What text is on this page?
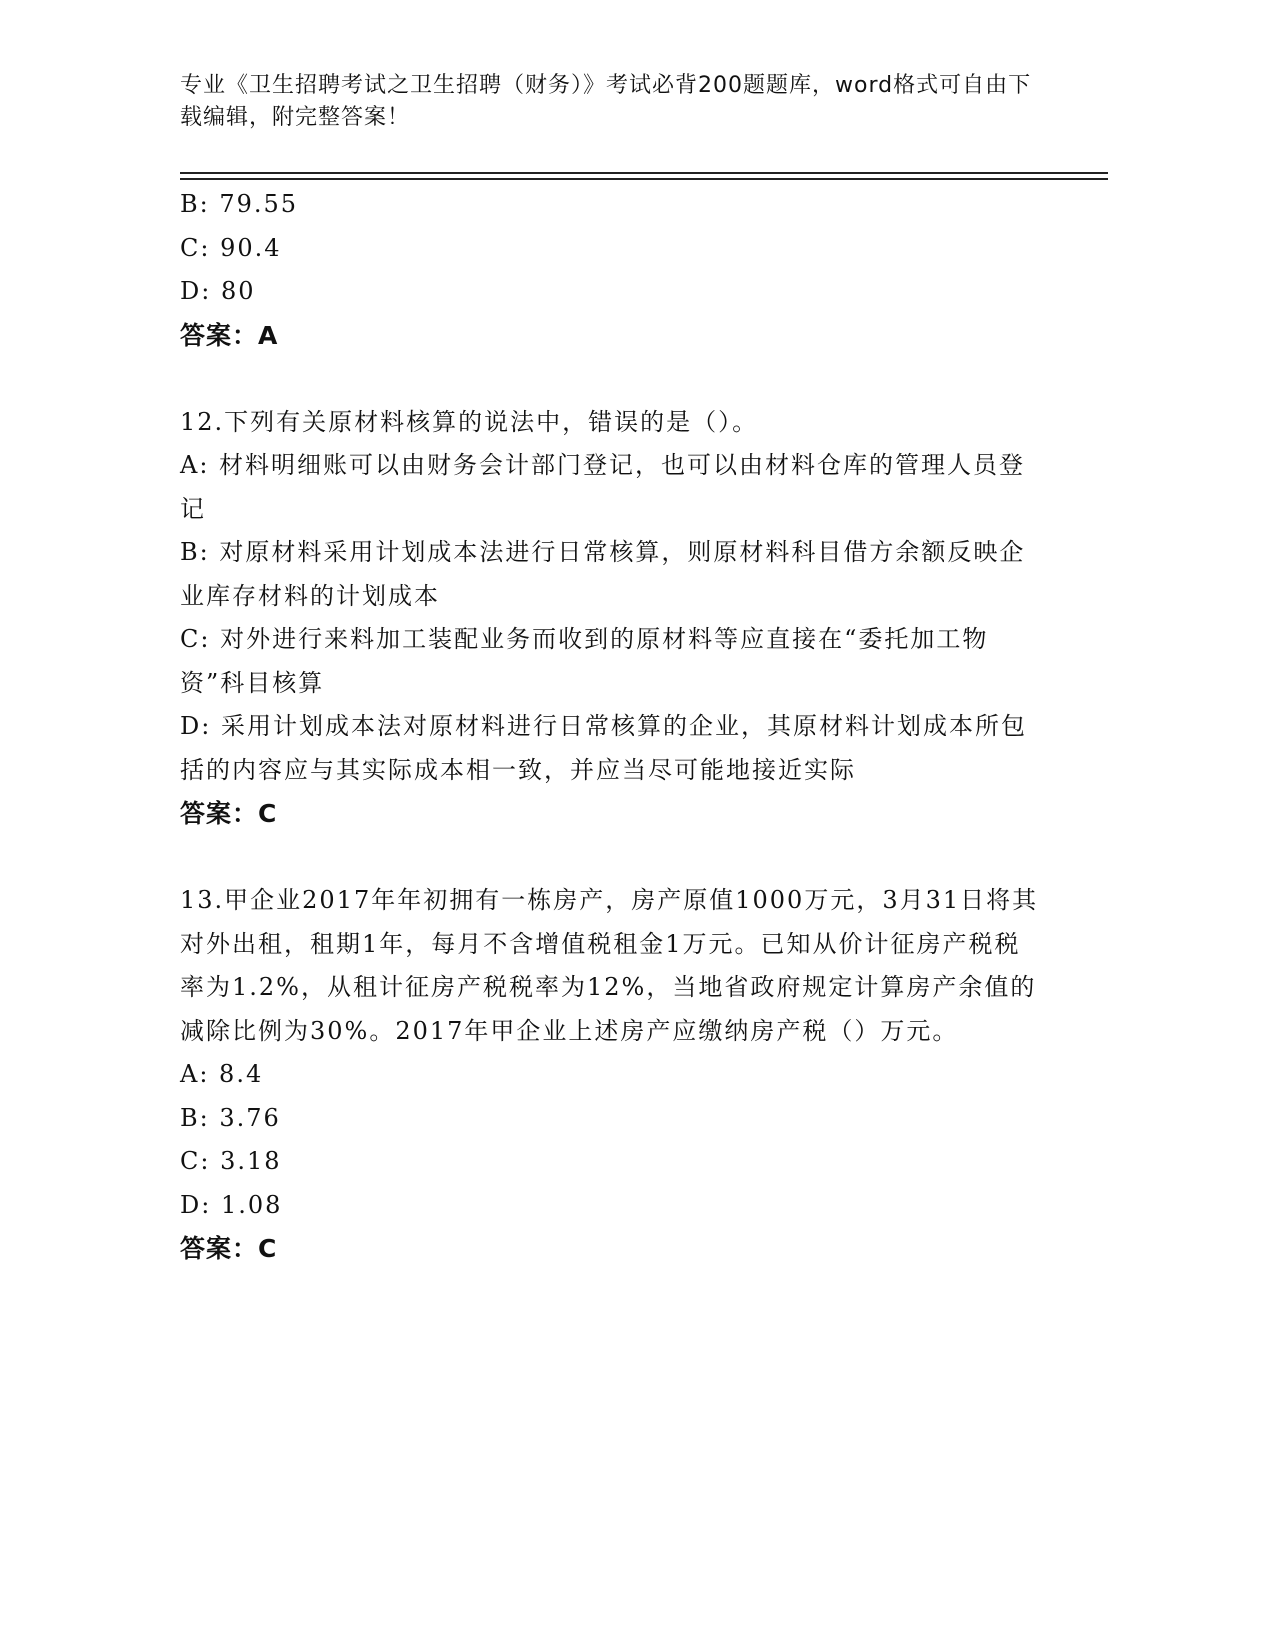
专业《卫生招聘考试之卫生招聘（财务）》考试必背200题题库，word格式可自由下载编辑，附完整答案！
B: 79.55
C: 90.4
D: 80
答案：A
12.下列有关原材料核算的说法中，错误的是（）。
A: 材料明细账可以由财务会计部门登记，也可以由材料仓库的管理人员登记
B: 对原材料采用计划成本法进行日常核算，则原材料科目借方余额反映企业库存材料的计划成本
C: 对外进行来料加工装配业务而收到的原材料等应直接在“委托加工物资”科目核算
D: 采用计划成本法对原材料进行日常核算的企业，其原材料计划成本所包括的内容应与其实际成本相一致，并应当尽可能地接近实际
答案：C
13.甲企业2017年年初拥有一栋房产，房产原值1000万元，3月31日将其对外出租，租期1年，每月不含增值税租金1万元。已知从价计征房产税税率为1.2%，从租计征房产税税率为12%，当地省政府规定计算房产余值的减除比例为30%。2017年甲企业上述房产应缴纳房产税（）万元。
A: 8.4
B: 3.76
C: 3.18
D: 1.08
答案：C
